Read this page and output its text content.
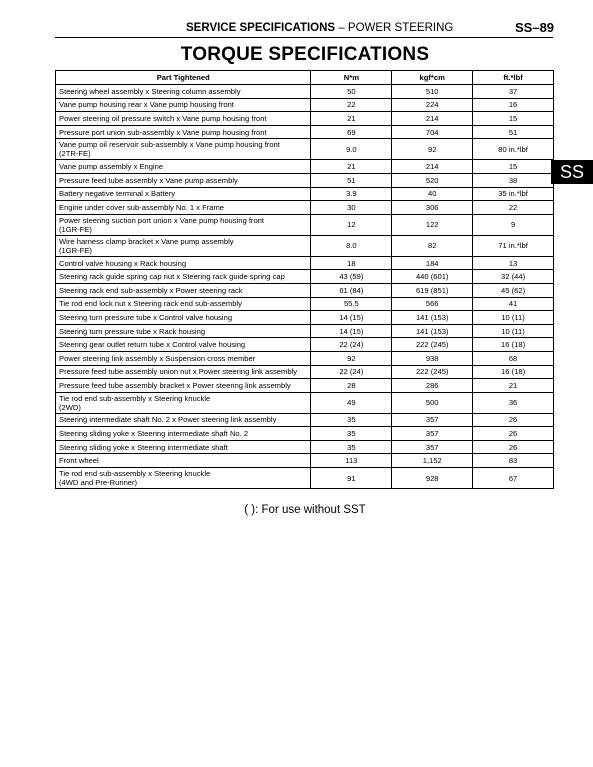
SERVICE SPECIFICATIONS – POWER STEERING	SS–89
TORQUE SPECIFICATIONS
SS
Part Tightened	N*m	kgf*cm	ft.*lbf
Steering wheel assembly x Steering column assembly	50	510	37
Vane pump housing rear x Vane pump housing front	22	224	16
Power steering oil pressure switch x Vane pump housing front	21	214	15
Pressure port union sub-assembly x Vane pump housing front	69	704	51
Vane pump oil reservoir sub-assembly x Vane pump housing front
(2TR-FE)	9.0	92	80 in.*lbf
Vane pump assembly x Engine	21	214	15
Pressure feed tube assembly x Vane pump assembly	51	520	38
Battery negative terminal x Battery	3.9	40	35 in.*lbf
Engine under cover sub-assembly No. 1 x Frame	30	306	22
Power steering suction port union x Vane pump housing front
(1GR-FE)	12	122	9
Wire harness clamp bracket x Vane pump assembly
(1GR-FE)	8.0	82	71 in.*lbf
Control valve housing x Rack housing	18	184	13
Steering rack guide spring cap nut x Steering rack guide spring cap	43 (59)	440 (601)	32 (44)
Steering rack end sub-assembly x Power steering rack	61 (84)	619 (851)	45 (62)
Tie rod end lock nut x Steering rack end sub-assembly	55.5	566	41
Steering turn pressure tube x Control valve housing	14 (15)	141 (153)	10 (11)
Steering turn pressure tube x Rack housing	14 (15)	141 (153)	10 (11)
Steering gear outlet return tube x Control valve housing	22 (24)	222 (245)	16 (18)
Power steering link assembly x Suspension cross member	92	938	68
Pressure feed tube assembly union nut x Power steering link assembly	22 (24)	222 (245)	16 (18)
Pressure feed tube assembly bracket x Power steering link assembly	28	286	21
Tie rod end sub-assembly x Steering knuckle
(2WD)	49	500	36
Steering intermediate shaft No. 2 x Power steering link assembly	35	357	26
Steering sliding yoke x Steering intermediate shaft No. 2	35	357	26
Steering sliding yoke x Steering intermediate shaft	35	357	26
Front wheel	113	1,152	83
Tie rod end sub-assembly x Steering knuckle
(4WD and Pre-Runner)	91	928	67
( ): For use without SST
